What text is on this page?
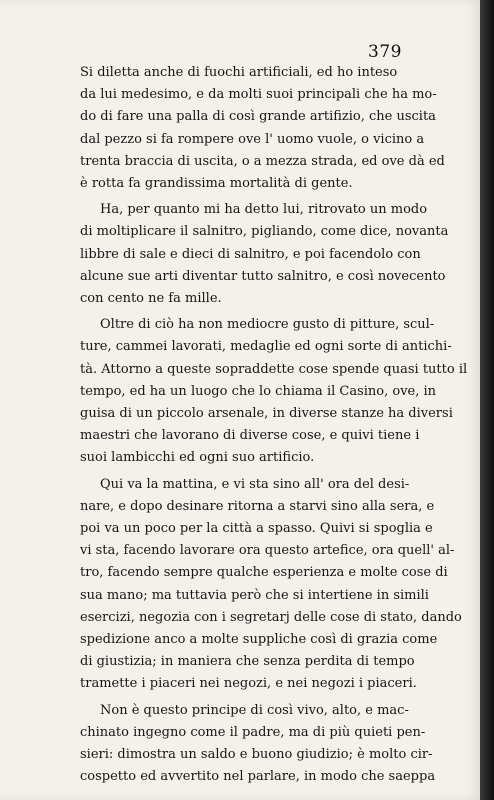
379
Si diletta anche di fuochi artificiali, ed ho inteso
da lui medesimo, e da molti suoi principali che ha mo-
do di fare una palla di così grande artifizio, che uscita
dal pezzo si fa rompere ove l' uomo vuole, o vicino a
trenta braccia di uscita, o a mezza strada, ed ove dà ed
è rotta fa grandissima mortalità di gente.
Ha, per quanto mi ha detto lui, ritrovato un modo
di moltiplicare il salnitro, pigliando, come dice, novanta
libbre di sale e dieci di salnitro, e poi facendolo con
alcune sue arti diventar tutto salnitro, e così novecento
con cento ne fa mille.
Oltre di ciò ha non mediocre gusto di pitture, scul-
ture, cammei lavorati, medaglie ed ogni sorte di antichi-
tà. Attorno a queste sopraddette cose spende quasi tutto il
tempo, ed ha un luogo che lo chiama il Casino, ove, in
guisa di un piccolo arsenale, in diverse stanze ha diversi
maestri che lavorano di diverse cose, e quivi tiene i
suoi lambicchi ed ogni suo artificio.
Qui va la mattina, e vi sta sino all' ora del desi-
nare, e dopo desinare ritorna a starvi sino alla sera, e
poi va un poco per la città a spasso. Quivi si spoglia e
vi sta, facendo lavorare ora questo artefice, ora quell' al-
tro, facendo sempre qualche esperienza e molte cose di
sua mano; ma tuttavia però che si intertiene in simili
esercizi, negozia con i segretarj delle cose di stato, dando
spedizione anco a molte suppliche così di grazia come
di giustizia; in maniera che senza perdita di tempo
tramette i piaceri nei negozi, e nei negozi i piaceri.
Non è questo principe di così vivo, alto, e mac-
chinato ingegno come il padre, ma di più quieti pen-
sieri: dimostra un saldo e buono giudizio; è molto cir-
cospetto ed avvertito nel parlare, in modo che saeppa
